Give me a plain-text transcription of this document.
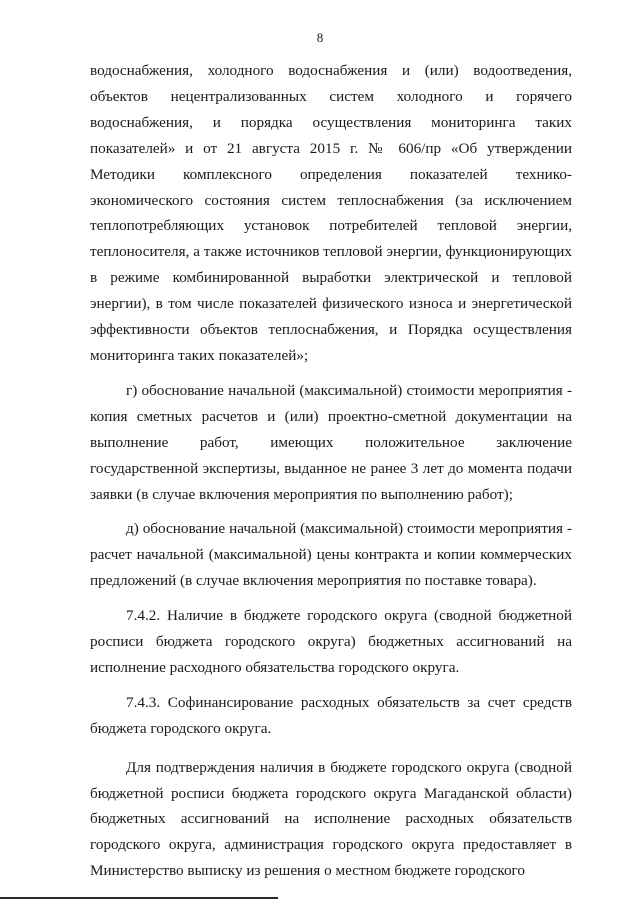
8

водоснабжения, холодного водоснабжения и (или) водоотведения, объектов нецентрализованных систем холодного и горячего водоснабжения, и порядка осуществления мониторинга таких показателей» и от 21 августа 2015 г. № 606/пр «Об утверждении Методики комплексного определения показателей технико-экономического состояния систем теплоснабжения (за исключением теплопотребляющих установок потребителей тепловой энергии, теплоносителя, а также источников тепловой энергии, функционирующих в режиме комбинированной выработки электрической и тепловой энергии), в том числе показателей физического износа и энергетической эффективности объектов теплоснабжения, и Порядка осуществления мониторинга таких показателей»;

г) обоснование начальной (максимальной) стоимости мероприятия - копия сметных расчетов и (или) проектно-сметной документации на выполнение работ, имеющих положительное заключение государственной экспертизы, выданное не ранее 3 лет до момента подачи заявки (в случае включения мероприятия по выполнению работ);

д) обоснование начальной (максимальной) стоимости мероприятия - расчет начальной (максимальной) цены контракта и копии коммерческих предложений (в случае включения мероприятия по поставке товара).

7.4.2. Наличие в бюджете городского округа (сводной бюджетной росписи бюджета городского округа) бюджетных ассигнований на исполнение расходного обязательства городского округа.

7.4.3. Софинансирование расходных обязательств за счет средств бюджета городского округа.

Для подтверждения наличия в бюджете городского округа (сводной бюджетной росписи бюджета городского округа Магаданской области) бюджетных ассигнований на исполнение расходных обязательств городского округа, администрация городского округа предоставляет в Министерство выписку из решения о местном бюджете городского
